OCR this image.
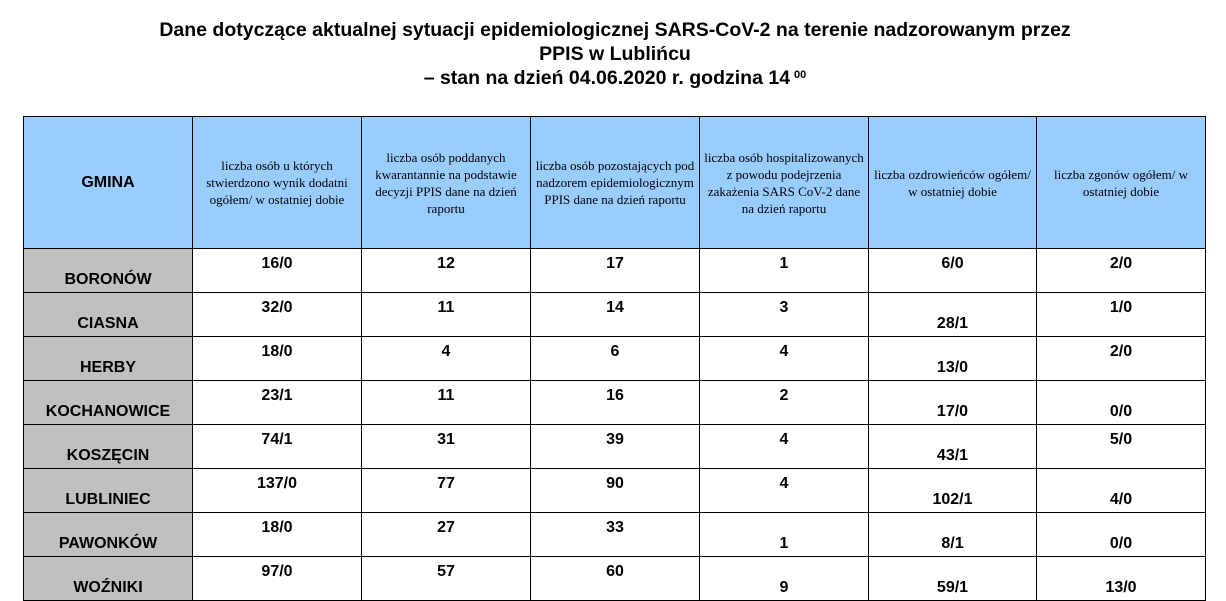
Dane dotyczące aktualnej sytuacji epidemiologicznej SARS-CoV-2 na terenie nadzorowanym przez
PPIS w Lublińcu
– stan na dzień 04.06.2020 r. godzina 14 $^{00}$
GMINA	liczba osób u których stwierdzono wynik dodatni ogółem/ w ostatniej dobie	liczba osób poddanych kwarantannie na podstawie decyzji PPIS dane na dzień raportu	liczba osób pozostających pod nadzorem epidemiologicznym PPIS dane na dzień raportu	liczba osób hospitalizowanych z powodu podejrzenia zakażenia SARS CoV-2 dane na dzień raportu	liczba ozdrowieńców ogółem/ w ostatniej dobie	liczba zgonów ogółem/ w ostatniej dobie
BORONÓW	16/0	12	17	1	6/0	2/0
CIASNA	32/0	11	14	3	28/1	1/0
HERBY	18/0	4	6	4	13/0	2/0
KOCHANOWICE	23/1	11	16	2	17/0	0/0
KOSZĘCIN	74/1	31	39	4	43/1	5/0
LUBLINIEC	137/0	77	90	4	102/1	4/0
PAWONKÓW	18/0	27	33	1	8/1	0/0
WOŹNIKI	97/0	57	60	9	59/1	13/0
